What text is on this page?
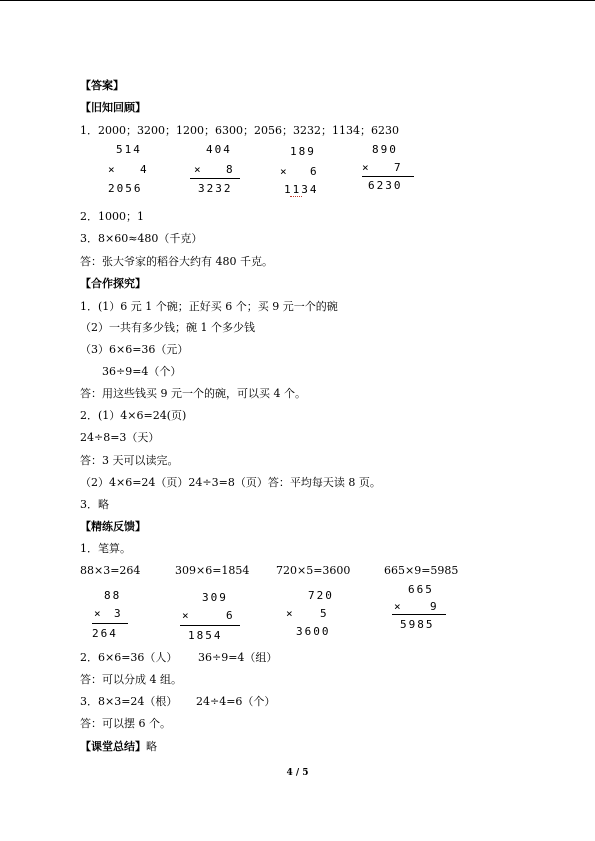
【答案】
【旧知回顾】
1．2000；3200；1200；6300；2056；3232；1134；6230
514
× 4
2056
404
× 8
3232
189
× 6
1134
890
× 7
6230
2．1000；1
3．8×60≈480（千克）
答：张大爷家的稻谷大约有 480 千克。
【合作探究】
1．(1）6 元 1 个碗；正好买 6 个；买 9 元一个的碗
（2）一共有多少钱；碗 1 个多少钱
（3）6×6=36（元）
36÷9=4（个）
答：用这些钱买 9 元一个的碗，可以买 4 个。
2．(1）4×6=24(页)
24÷8=3（天）
答：3 天可以读完。
（2）4×6=24（页）24÷3=8（页）答：平均每天读 8 页。
3．略
【精练反馈】
1．笔算。
88×3=264	309×6=1854 720×5=3600	665×9=5985
88
× 3
264
309
×	6
1854
720
× 5
3600
665
× 9
5985
2．6×6=36（人） 36÷9=4（组）
答：可以分成 4 组。
3．8×3=24（根） 24÷4=6（个）
答：可以摆 6 个。
【课堂总结】略
4 / 5
